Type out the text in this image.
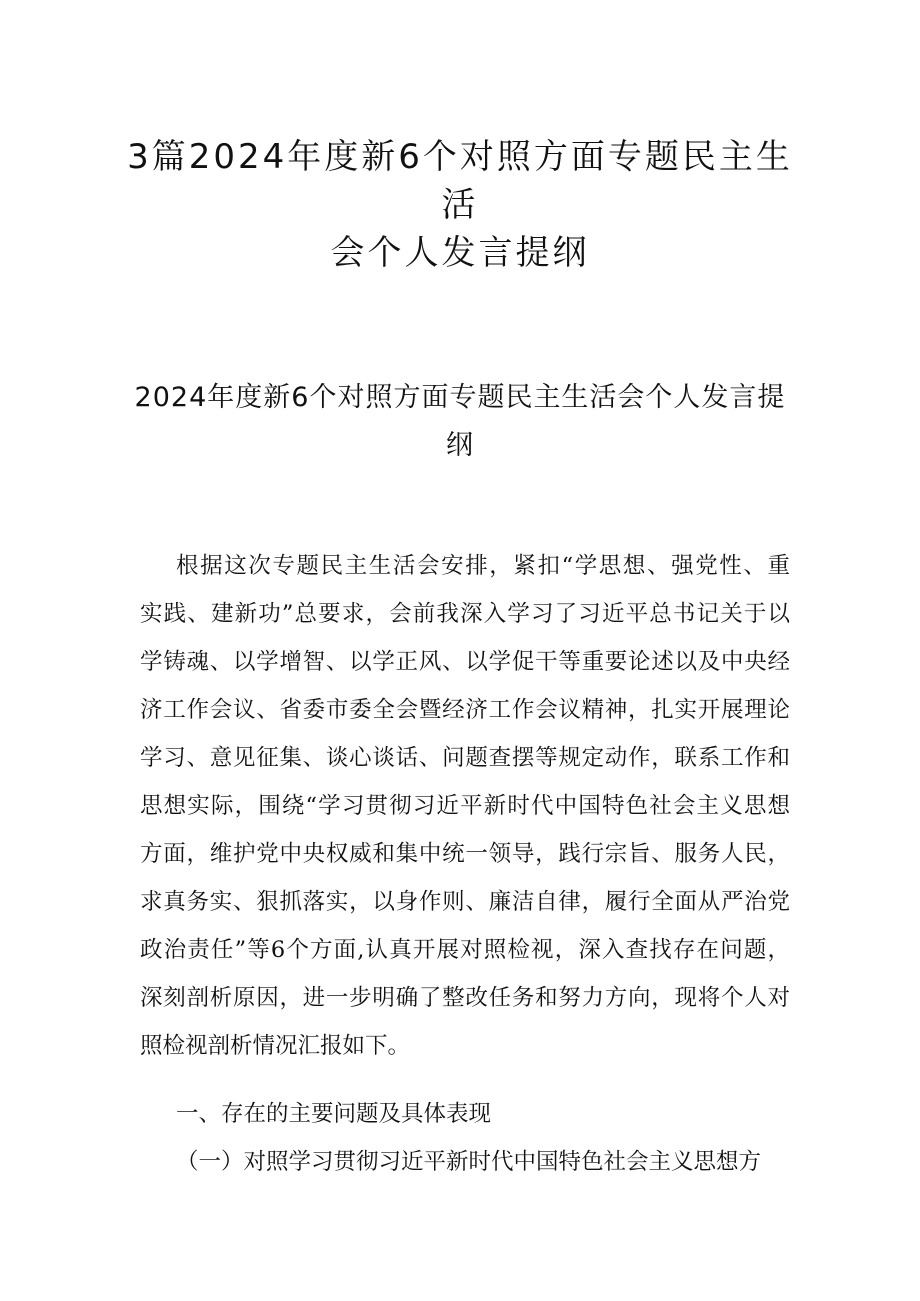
3篇2024年度新6个对照方面专题民主生
活
会个人发言提纲
2024年度新6个对照方面专题民主生活会个人发言提
纲
根据这次专题民主生活会安排，紧扣“学思想、强党性、重
实践、建新功”总要求，会前我深入学习了习近平总书记关于以
学铸魂、以学增智、以学正风、以学促干等重要论述以及中央经
济工作会议、省委市委全会暨经济工作会议精神，扎实开展理论
学习、意见征集、谈心谈话、问题查摆等规定动作，联系工作和
思想实际，围绕“学习贯彻习近平新时代中国特色社会主义思想
方面，维护党中央权威和集中统一领导，践行宗旨、服务人民，
求真务实、狠抓落实，以身作则、廉洁自律，履行全面从严治党
政治责任”等6个方面,认真开展对照检视，深入查找存在问题，
深刻剖析原因，进一步明确了整改任务和努力方向，现将个人对
照检视剖析情况汇报如下。
一、存在的主要问题及具体表现
（一）对照学习贯彻习近平新时代中国特色社会主义思想方
